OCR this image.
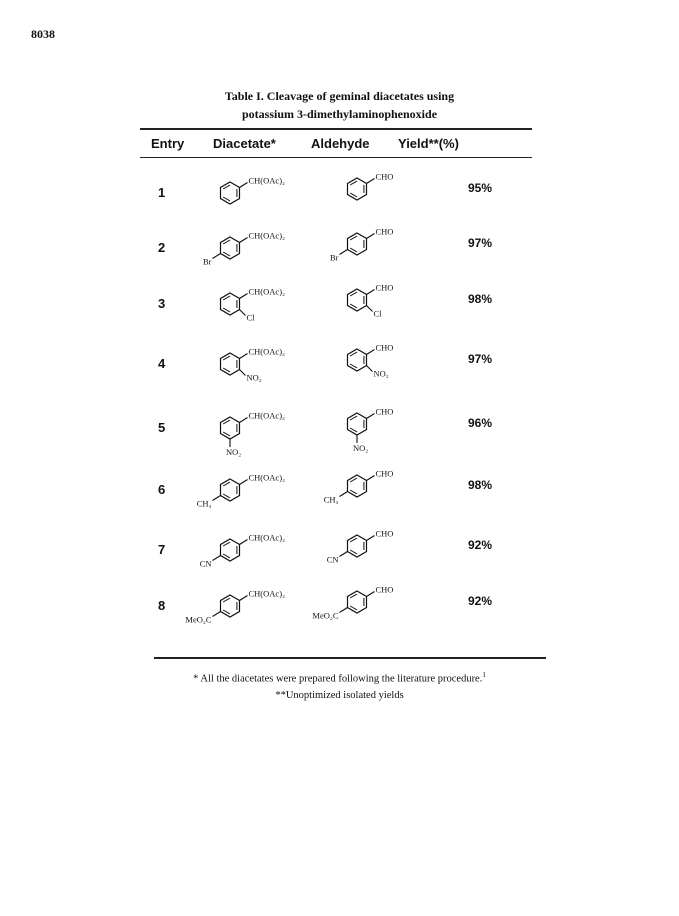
8038
Table I. Cleavage of geminal diacetates using
potassium 3-dimethylaminophenoxide
Entry Diacetate*	Aldehyde Yield**(%)
1
CH(OAc)₂	CHO
95%
2
CH(OAc)₂
Br
CHO
Br
97%
3
CH(OAc)₂
Cl
CHO
Cl
98%
4
CH(OAc)₂
NO₂
CHO
NO₂
97%
5
CH(OAc)₂
NO₂
CHO
NO₂
96%
6
CH(OAc)₂
CH₃
CHO
CH₃
98%
7
CH(OAc)₂
CN
CHO
CN
92%
8
CH(OAc)₂
MeO₂C
CHO
MeO₂C
92%
* All the diacetates were prepared following the literature procedure.$^1$
**Unoptimized isolated yields
